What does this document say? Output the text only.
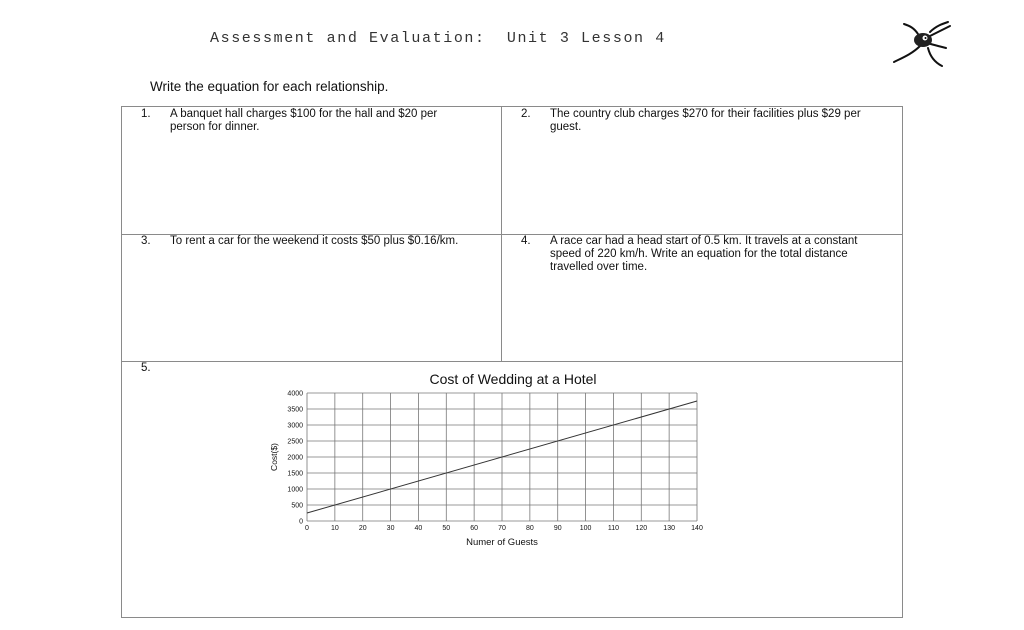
Assessment and Evaluation:  Unit 3 Lesson 4
Write the equation for each relationship.
1. A banquet hall charges $100 for the hall and $20 per person for dinner.
2. The country club charges $270 for their facilities plus $29 per guest.
3. To rent a car for the weekend it costs $50 plus $0.16/km.	4. A race car had a head start of 0.5 km. It travels at a constant speed of 220 km/h. Write an equation for the total distance travelled over time.
5.
Cost of Wedding at a Hotel
0	10	20	30	40	50	60	70	80	90	100 110 120 130 140
0
500
1000
1500
2000
2500
3000
3500
4000
Numer of Guests
Cost($)
